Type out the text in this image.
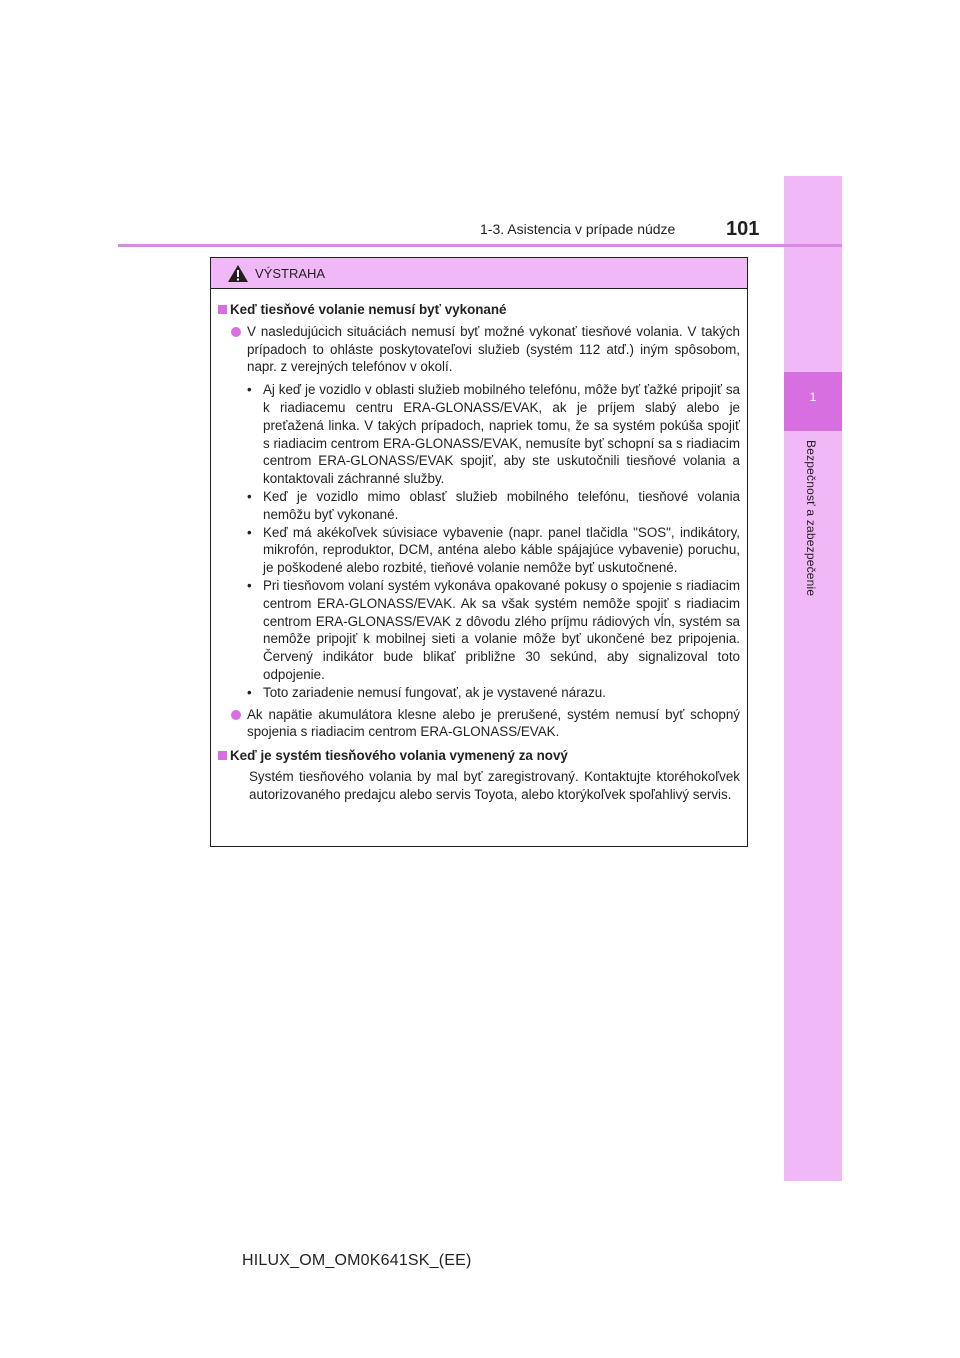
1
Bezpečnosť a zabezpečenie
1-3. Asistencia v prípade núdze	101
VÝSTRAHA
Keď tiesňové volanie nemusí byť vykonané
V nasledujúcich situáciách nemusí byť možné vykonať tiesňové volania. V takých prípadoch to ohláste poskytovateľovi služieb (systém 112 atď.) iným spôsobom, napr. z verejných telefónov v okolí.
• Aj keď je vozidlo v oblasti služieb mobilného telefónu, môže byť ťažké pripojiť sa k riadiacemu centru ERA-GLONASS/EVAK, ak je príjem slabý alebo je preťažená linka. V takých prípadoch, napriek tomu, že sa systém pokúša spojiť s riadiacim centrom ERA-GLONASS/EVAK, nemusíte byť schopní sa s riadiacim centrom ERA-GLONASS/EVAK spojiť, aby ste uskutočnili tiesňové volania a kontaktovali záchranné služby.
• Keď je vozidlo mimo oblasť služieb mobilného telefónu, tiesňové volania nemôžu byť vykonané.
• Keď má akékoľvek súvisiace vybavenie (napr. panel tlačidla "SOS", indikátory, mikrofón, reproduktor, DCM, anténa alebo káble spájajúce vybavenie) poruchu, je poškodené alebo rozbité, tieňové volanie nemôže byť uskutočnené.
• Pri tiesňovom volaní systém vykonáva opakované pokusy o spojenie s riadiacim centrom ERA-GLONASS/EVAK. Ak sa však systém nemôže spojiť s riadiacim centrom ERA-GLONASS/EVAK z dôvodu zlého príjmu rádiových vĺn, systém sa nemôže pripojiť k mobilnej sieti a volanie môže byť ukončené bez pripojenia. Červený indikátor bude blikať približne 30 sekúnd, aby signalizoval toto odpojenie.
• Toto zariadenie nemusí fungovať, ak je vystavené nárazu.
Ak napätie akumulátora klesne alebo je prerušené, systém nemusí byť schopný spojenia s riadiacim centrom ERA-GLONASS/EVAK.
Keď je systém tiesňového volania vymenený za nový
Systém tiesňového volania by mal byť zaregistrovaný. Kontaktujte ktoréhokoľvek autorizovaného predajcu alebo servis Toyota, alebo ktorýkoľvek spoľahlivý servis.
HILUX_OM_OM0K641SK_(EE)
